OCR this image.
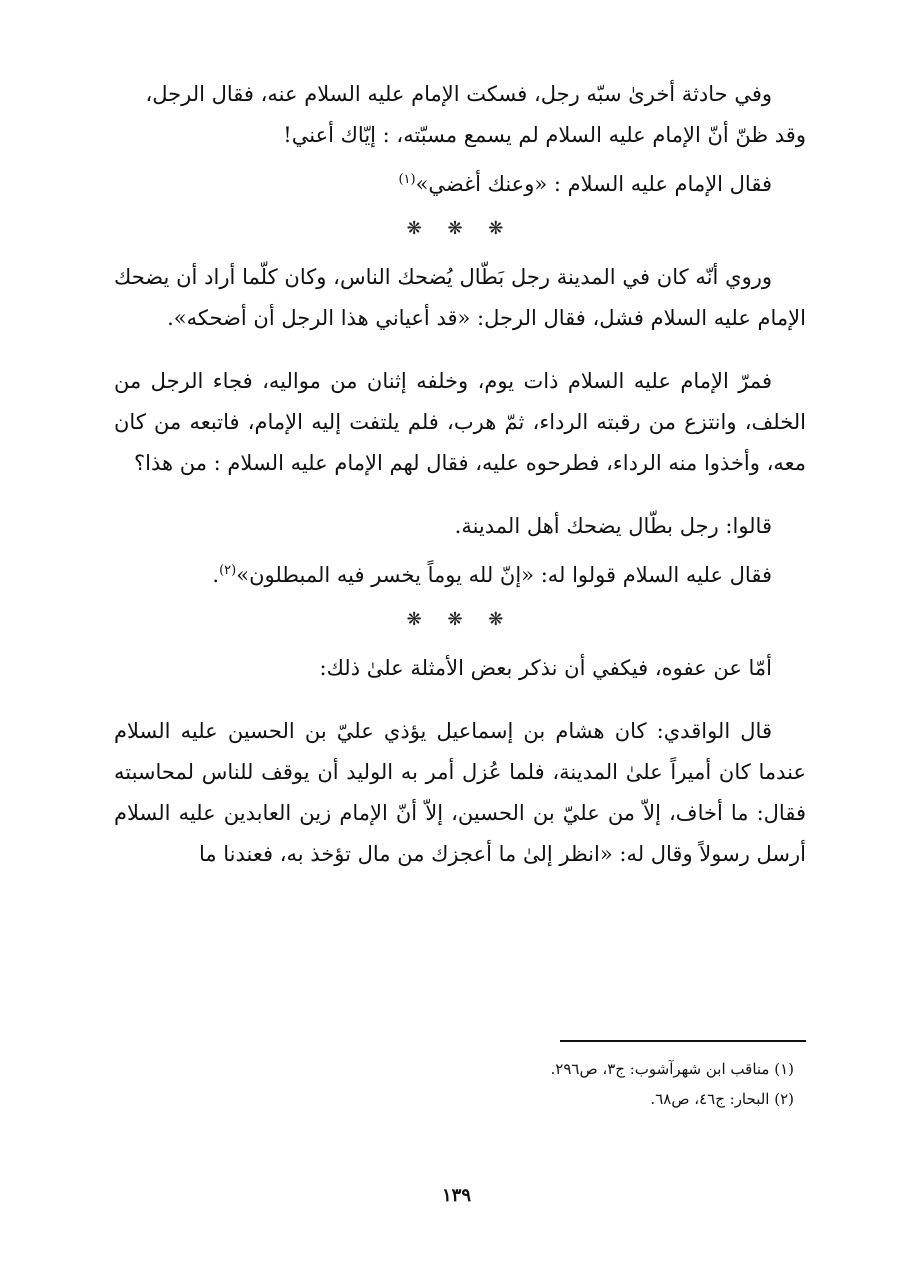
وفي حادثة أخرىٰ سبّه رجل، فسكت الإمام عليه السلام عنه، فقال الرجل،
وقد ظنّ أنّ الإمام عليه السلام لم يسمع مسبّته، : إيّاك أعني!

فقال الإمام عليه السلام : «وعنك أغضي»$^{(١)}$

❋ ❋ ❋

وروي أنّه كان في المدينة رجل بَطّال يُضحك الناس، وكان كلّما أراد أن يضحك الإمام عليه السلام فشل، فقال الرجل: «قد أعياني هذا الرجل أن أضحكه».

فمرّ الإمام عليه السلام ذات يوم، وخلفه إثنان من مواليه، فجاء الرجل من الخلف، وانتزع من رقبته الرداء، ثمّ هرب، فلم يلتفت إليه الإمام، فاتبعه من كان معه، وأخذوا منه الرداء، فطرحوه عليه، فقال لهم الإمام عليه السلام : من هذا؟

قالوا: رجل بطّال يضحك أهل المدينة.

فقال عليه السلام قولوا له: «إنّ لله يوماً يخسر فيه المبطلون»$^{(٢)}$.

❋ ❋ ❋

أمّا عن عفوه، فيكفي أن نذكر بعض الأمثلة علىٰ ذلك:

قال الواقدي: كان هشام بن إسماعيل يؤذي عليّ بن الحسين عليه السلام عندما كان أميراً علىٰ المدينة، فلما عُزل أمر به الوليد أن يوقف للناس لمحاسبته فقال: ما أخاف، إلاّ من عليّ بن الحسين، إلاّ أنّ الإمام زين العابدين عليه السلام أرسل رسولاً وقال له: «انظر إلىٰ ما أعجزك من مال تؤخذ به، فعندنا ما

(١) مناقب ابن شهرآشوب: ج٣، ص٢٩٦.

(٢) البحار: ج٤٦، ص٦٨.

١٣٩
